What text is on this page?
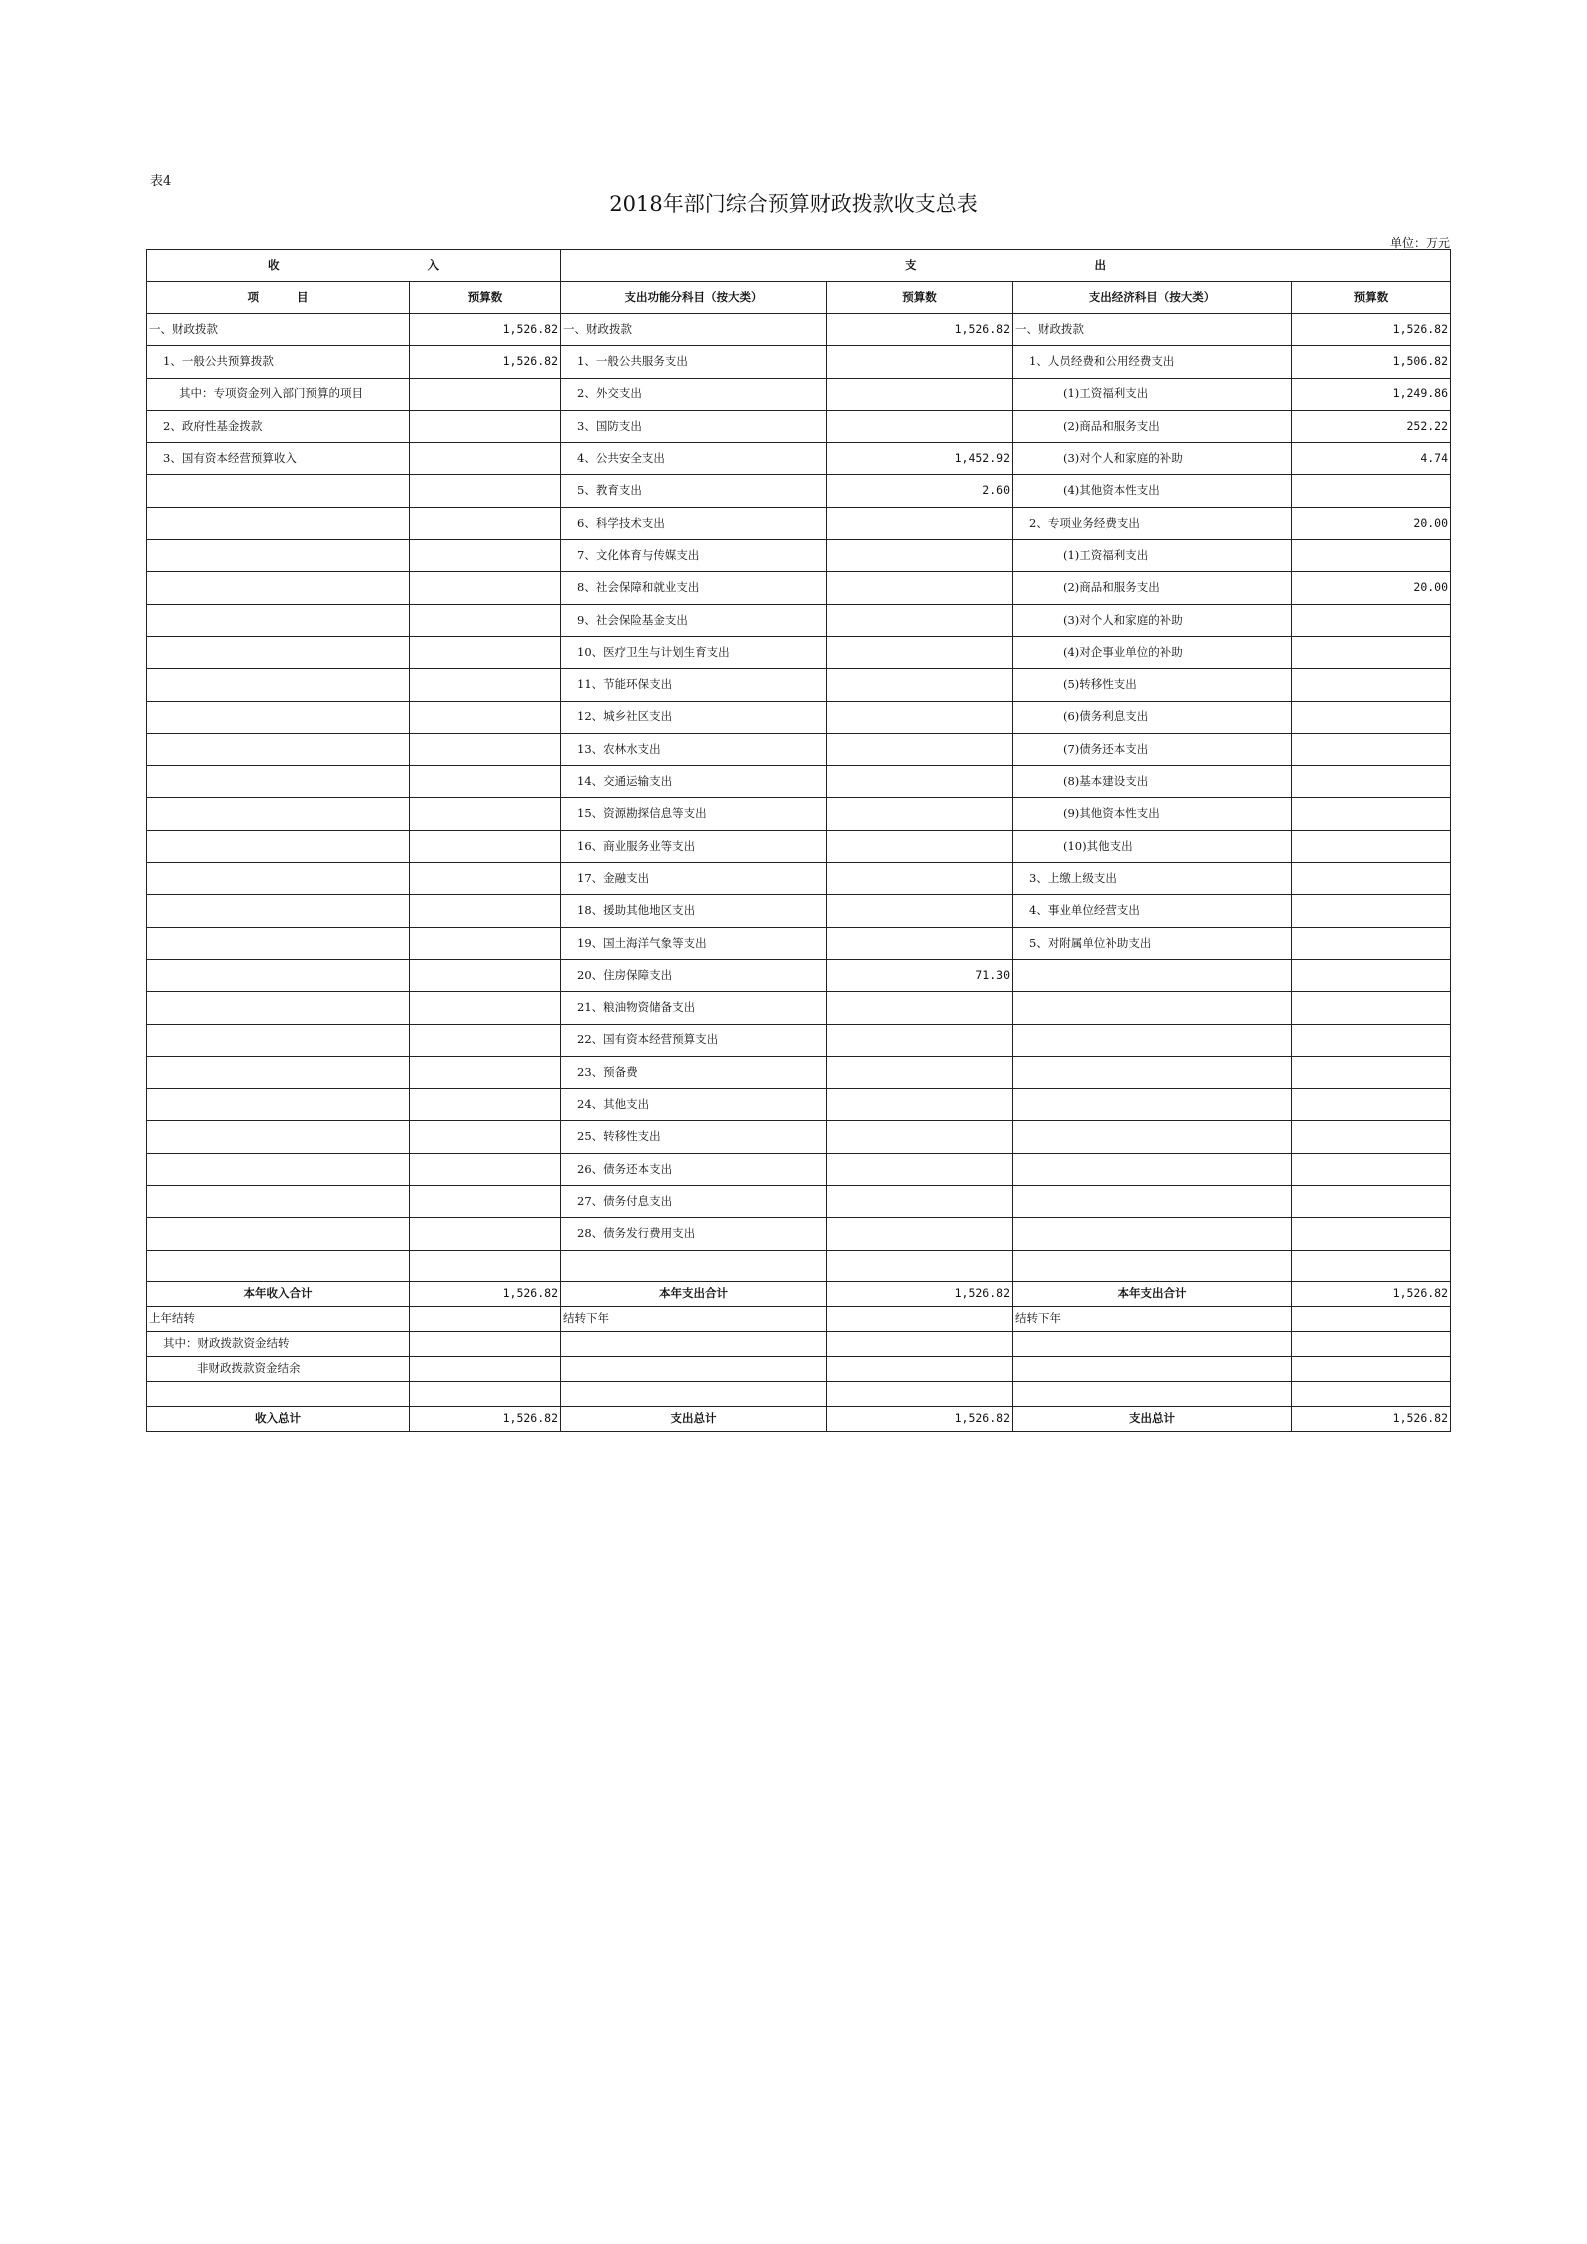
表4
2018年部门综合预算财政拨款收支总表
单位：万元
收 入		支 出			
项 目	预算数	支出功能分科目（按大类）	预算数	支出经济科目（按大类）	预算数
一、财政拨款	1,526.82	一、财政拨款	1,526.82	一、财政拨款	1,526.82
1、一般公共预算拨款	1,526.82	1、一般公共服务支出		1、人员经费和公用经费支出	1,506.82
其中：专项资金列入部门预算的项目		2、外交支出		(1)工资福利支出	1,249.86
2、政府性基金拨款		3、国防支出		(2)商品和服务支出	252.22
3、国有资本经营预算收入		4、公共安全支出	1,452.92	(3)对个人和家庭的补助	4.74
		5、教育支出	2.60	(4)其他资本性支出	
		6、科学技术支出		2、专项业务经费支出	20.00
		7、文化体育与传媒支出		(1)工资福利支出	
		8、社会保障和就业支出		(2)商品和服务支出	20.00
		9、社会保险基金支出		(3)对个人和家庭的补助	
		10、医疗卫生与计划生育支出		(4)对企事业单位的补助	
		11、节能环保支出		(5)转移性支出	
		12、城乡社区支出		(6)债务利息支出	
		13、农林水支出		(7)债务还本支出	
		14、交通运输支出		(8)基本建设支出	
		15、资源勘探信息等支出		(9)其他资本性支出	
		16、商业服务业等支出		(10)其他支出	
		17、金融支出		3、上缴上级支出	
		18、援助其他地区支出		4、事业单位经营支出	
		19、国土海洋气象等支出		5、对附属单位补助支出	
		20、住房保障支出	71.30		
		21、粮油物资储备支出			
		22、国有资本经营预算支出			
		23、预备费			
		24、其他支出			
		25、转移性支出			
		26、债务还本支出			
		27、债务付息支出			
		28、债务发行费用支出			

本年收入合计	1,526.82	本年支出合计	1,526.82	本年支出合计	1,526.82
上年结转		结转下年		结转下年	
其中：财政拨款资金结转					
非财政拨款资金结余					

收入总计	1,526.82	支出总计	1,526.82	支出总计	1,526.82
